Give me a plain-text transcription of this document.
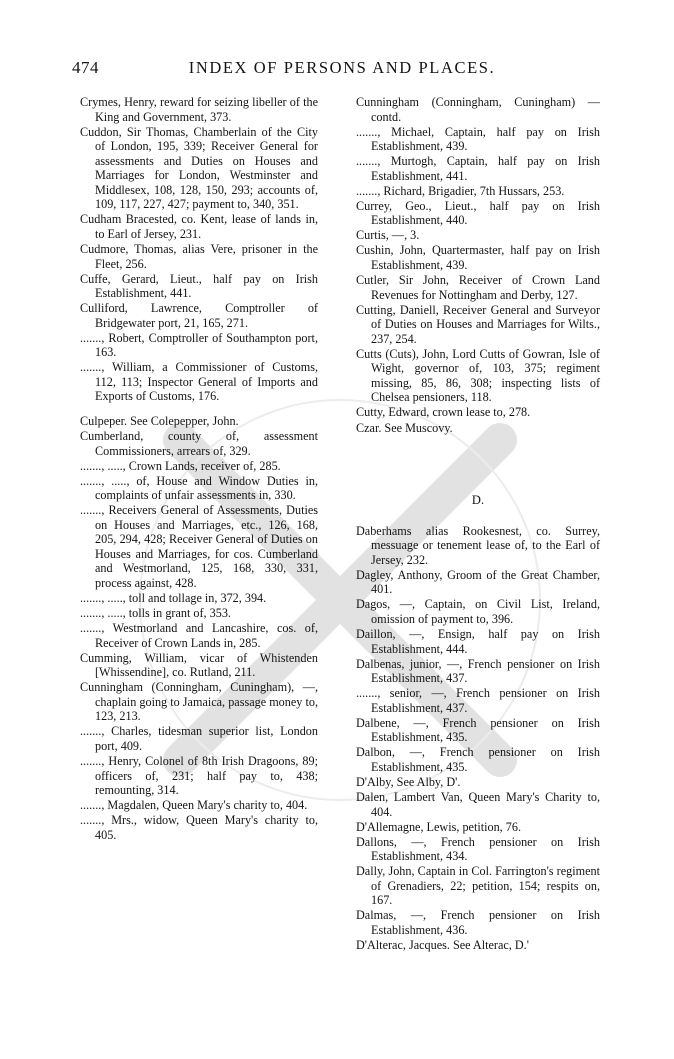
474	INDEX OF PERSONS AND PLACES.

Crymes, Henry, reward for seizing libeller of the King and Government, 373.

Cuddon, Sir Thomas, Chamberlain of the City of London, 195, 339; Receiver General for assessments and Duties on Houses and Marriages for London, Westminster and Middlesex, 108, 128, 150, 293; accounts of, 109, 117, 227, 427; payment to, 340, 351.

Cudham Bracested, co. Kent, lease of lands in, to Earl of Jersey, 231.

Cudmore, Thomas, alias Vere, prisoner in the Fleet, 256.

Cuffe, Gerard, Lieut., half pay on Irish Establishment, 441.

Culliford, Lawrence, Comptroller of Bridgewater port, 21, 165, 271.

......., Robert, Comptroller of Southampton port, 163.

......., William, a Commissioner of Customs, 112, 113; Inspector General of Imports and Exports of Customs, 176.

Culpeper. See Colepepper, John.

Cumberland, county of, assessment Commissioners, arrears of, 329.

......., ....., Crown Lands, receiver of, 285.

......., ....., of, House and Window Duties in, complaints of unfair assessments in, 330.

......., Receivers General of Assessments, Duties on Houses and Marriages, etc., 126, 168, 205, 294, 428; Receiver General of Duties on Houses and Marriages, for cos. Cumberland and Westmorland, 125, 168, 330, 331, process against, 428.

......., ....., toll and tollage in, 372, 394.

......., ....., tolls in grant of, 353.

......., Westmorland and Lancashire, cos. of, Receiver of Crown Lands in, 285.

Cumming, William, vicar of Whistenden [Whissendine], co. Rutland, 211.

Cunningham (Conningham, Cuningham), —, chaplain going to Jamaica, passage money to, 123, 213.

......., Charles, tidesman superior list, London port, 409.

......., Henry, Colonel of 8th Irish Dragoons, 89; officers of, 231; half pay to, 438; remounting, 314.

......., Magdalen, Queen Mary's charity to, 404.

......., Mrs., widow, Queen Mary's charity to, 405.

Cunningham (Conningham, Cuningham) —contd.

......., Michael, Captain, half pay on Irish Establishment, 439.

......., Murtogh, Captain, half pay on Irish Establishment, 441.

......., Richard, Brigadier, 7th Hussars, 253.

Currey, Geo., Lieut., half pay on Irish Establishment, 440.

Curtis, —, 3.

Cushin, John, Quartermaster, half pay on Irish Establishment, 439.

Cutler, Sir John, Receiver of Crown Land Revenues for Nottingham and Derby, 127.

Cutting, Daniell, Receiver General and Surveyor of Duties on Houses and Marriages for Wilts., 237, 254.

Cutts (Cuts), John, Lord Cutts of Gowran, Isle of Wight, governor of, 103, 375; regiment missing, 85, 86, 308; inspecting lists of Chelsea pensioners, 118.

Cutty, Edward, crown lease to, 278.

Czar. See Muscovy.

D.

Daberhams alias Rookesnest, co. Surrey, messuage or tenement lease of, to the Earl of Jersey, 232.

Dagley, Anthony, Groom of the Great Chamber, 401.

Dagos, —, Captain, on Civil List, Ireland, omission of payment to, 396.

Daillon, —, Ensign, half pay on Irish Establishment, 444.

Dalbenas, junior, —, French pensioner on Irish Establishment, 437.

......., senior, —, French pensioner on Irish Establishment, 437.

Dalbene, —, French pensioner on Irish Establishment, 435.

Dalbon, —, French pensioner on Irish Establishment, 435.

D'Alby, See Alby, D'.

Dalen, Lambert Van, Queen Mary's Charity to, 404.

D'Allemagne, Lewis, petition, 76.

Dallons, —, French pensioner on Irish Establishment, 434.

Dally, John, Captain in Col. Farrington's regiment of Grenadiers, 22; petition, 154; respits on, 167.

Dalmas, —, French pensioner on Irish Establishment, 436.

D'Alterac, Jacques. See Alterac, D.'
